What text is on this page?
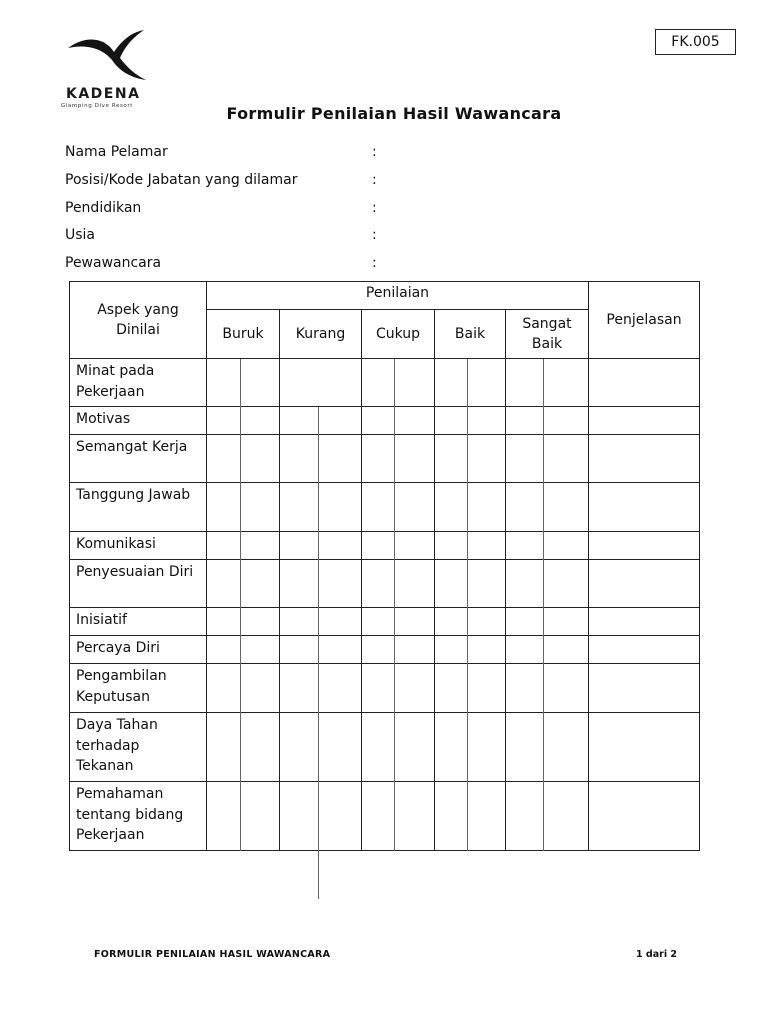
FK.005
KADENA
Glamping Dive Resort	Formulir Penilaian Hasil Wawancara
Nama Pelamar	:
Posisi/Kode Jabatan yang dilamar	:
Pendidikan	:
Usia	:
Pewawancara	:
Aspek yang Dinilai	Penilaian					Penjelasan
	Buruk	Kurang	Cukup	Baik	Sangat Baik	
Minat pada Pekerjaan						
Motivas						
Semangat Kerja						
Tanggung Jawab						
Komunikasi						
Penyesuaian Diri						
Inisiatif						
Percaya Diri						
Pengambilan Keputusan						
Daya Tahan terhadap Tekanan						
Pemahaman tentang bidang Pekerjaan						
FORMULIR PENILAIAN HASIL WAWANCARA	1 dari 2
